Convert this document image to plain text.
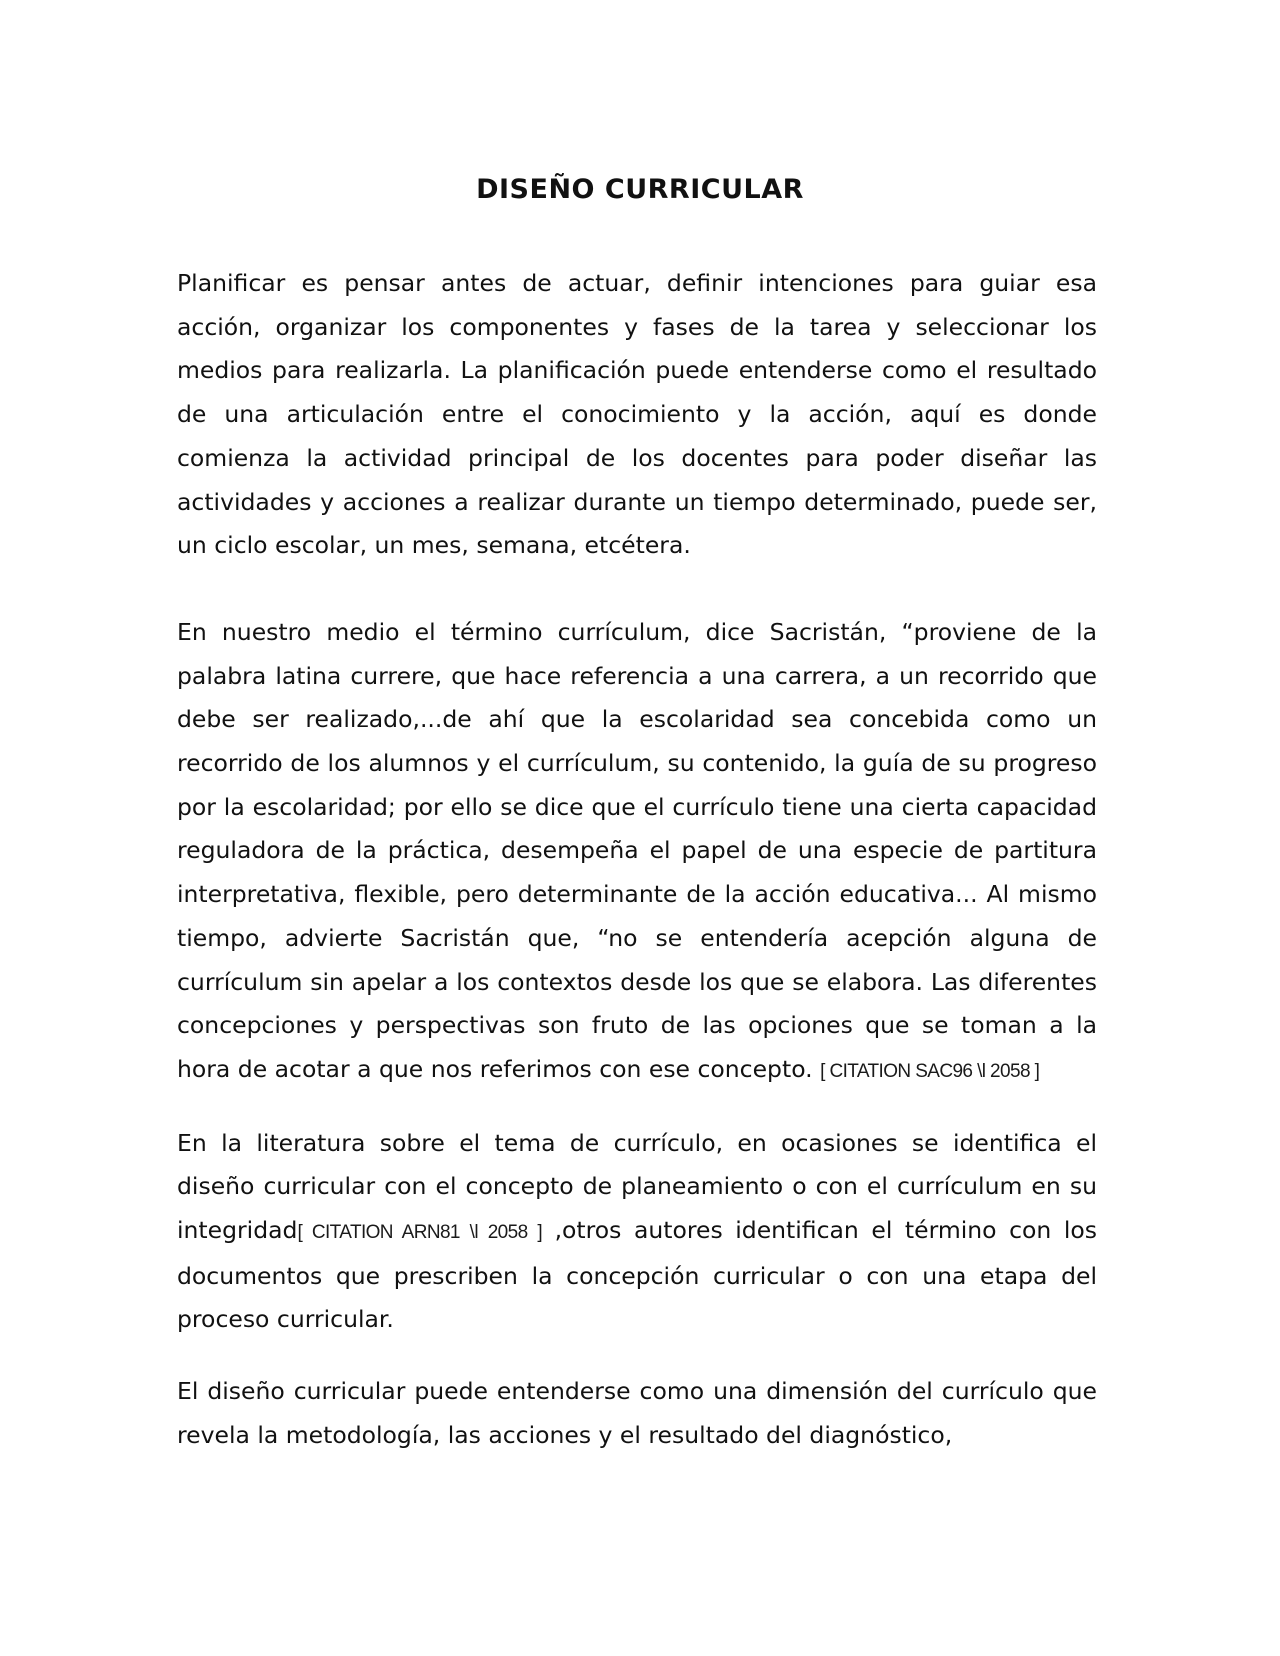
DISEÑO CURRICULAR

Planificar es pensar antes de actuar, definir intenciones para guiar esa acción, organizar los componentes y fases de la tarea y seleccionar los medios para realizarla. La planificación puede entenderse como el resultado de una articulación entre el conocimiento y la acción, aquí es donde comienza la actividad principal de los docentes para poder diseñar las actividades y acciones a realizar durante un tiempo determinado, puede ser, un ciclo escolar, un mes, semana, etcétera.

En nuestro medio el término currículum, dice Sacristán, “proviene de la palabra latina currere, que hace referencia a una carrera, a un recorrido que debe ser realizado,...de ahí que la escolaridad sea concebida como un recorrido de los alumnos y el currículum, su contenido, la guía de su progreso por la escolaridad; por ello se dice que el currículo tiene una cierta capacidad reguladora de la práctica, desempeña el papel de una especie de partitura interpretativa, flexible, pero determinante de la acción educativa... Al mismo tiempo, advierte Sacristán que, “no se entendería acepción alguna de currículum sin apelar a los contextos desde los que se elabora. Las diferentes concepciones y perspectivas son fruto de las opciones que se toman a la hora de acotar a que nos referimos con ese concepto. [ CITATION SAC96 \l 2058 ]

En la literatura sobre el tema de currículo, en ocasiones se identifica el diseño curricular con el concepto de planeamiento o con el currículum en su integridad[ CITATION ARN81 \l 2058 ] ,otros autores identifican el término con los documentos que prescriben la concepción curricular o con una etapa del proceso curricular.

El diseño curricular puede entenderse como una dimensión del currículo que revela la metodología, las acciones y el resultado del diagnóstico,
